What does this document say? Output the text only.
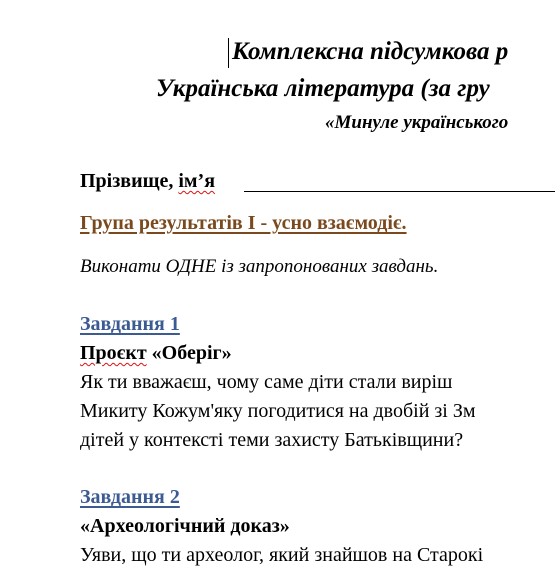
Комплексна підсумкова р
Українська література (за гру
«Минуле українського
Прізвище, ім’я
Група результатів І - усно взаємодіє.
Виконати ОДНЕ із запропонованих завдань.
Завдання 1
Проєкт «Оберіг»
Як ти вважаєш, чому саме діти стали виріш
Микиту Кожум'яку погодитися на двобій зі Зм
дітей у контексті теми захисту Батьківщини?
Завдання 2
«Археологічний доказ»
Уяви, що ти археолог, який знайшов на Старокі
